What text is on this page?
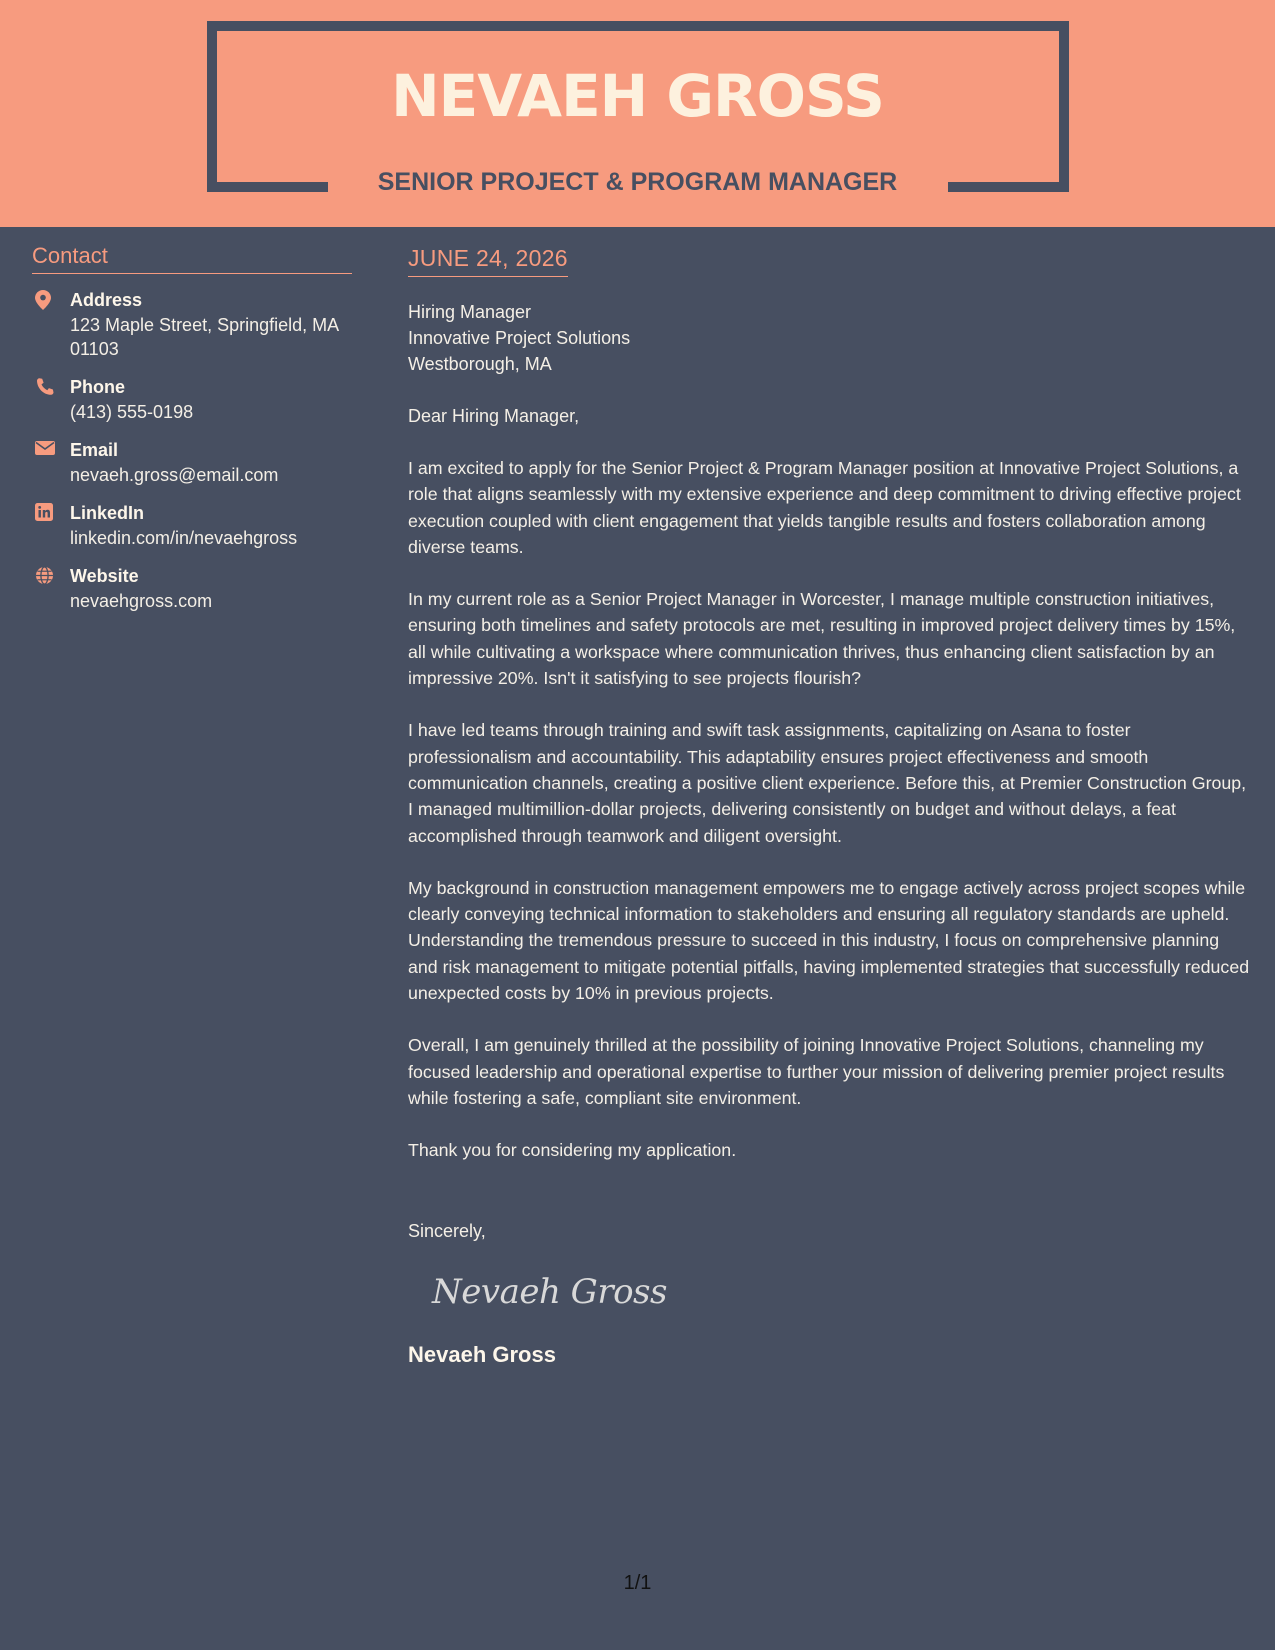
NEVAEH GROSS
SENIOR PROJECT & PROGRAM MANAGER
Contact
Address
123 Maple Street, Springfield, MA 01103
Phone
(413) 555-0198
Email
nevaeh.gross@email.com
LinkedIn
linkedin.com/in/nevaehgross
Website
nevaehgross.com
JUNE 24, 2026
Hiring Manager
Innovative Project Solutions
Westborough, MA
Dear Hiring Manager,
I am excited to apply for the Senior Project & Program Manager position at Innovative Project Solutions, a role that aligns seamlessly with my extensive experience and deep commitment to driving effective project execution coupled with client engagement that yields tangible results and fosters collaboration among diverse teams.
In my current role as a Senior Project Manager in Worcester, I manage multiple construction initiatives, ensuring both timelines and safety protocols are met, resulting in improved project delivery times by 15%, all while cultivating a workspace where communication thrives, thus enhancing client satisfaction by an impressive 20%. Isn't it satisfying to see projects flourish?
I have led teams through training and swift task assignments, capitalizing on Asana to foster professionalism and accountability. This adaptability ensures project effectiveness and smooth communication channels, creating a positive client experience. Before this, at Premier Construction Group, I managed multimillion-dollar projects, delivering consistently on budget and without delays, a feat accomplished through teamwork and diligent oversight.
My background in construction management empowers me to engage actively across project scopes while clearly conveying technical information to stakeholders and ensuring all regulatory standards are upheld. Understanding the tremendous pressure to succeed in this industry, I focus on comprehensive planning and risk management to mitigate potential pitfalls, having implemented strategies that successfully reduced unexpected costs by 10% in previous projects.
Overall, I am genuinely thrilled at the possibility of joining Innovative Project Solutions, channeling my focused leadership and operational expertise to further your mission of delivering premier project results while fostering a safe, compliant site environment.
Thank you for considering my application.
Sincerely,
Nevaeh Gross
Nevaeh Gross
1/1
